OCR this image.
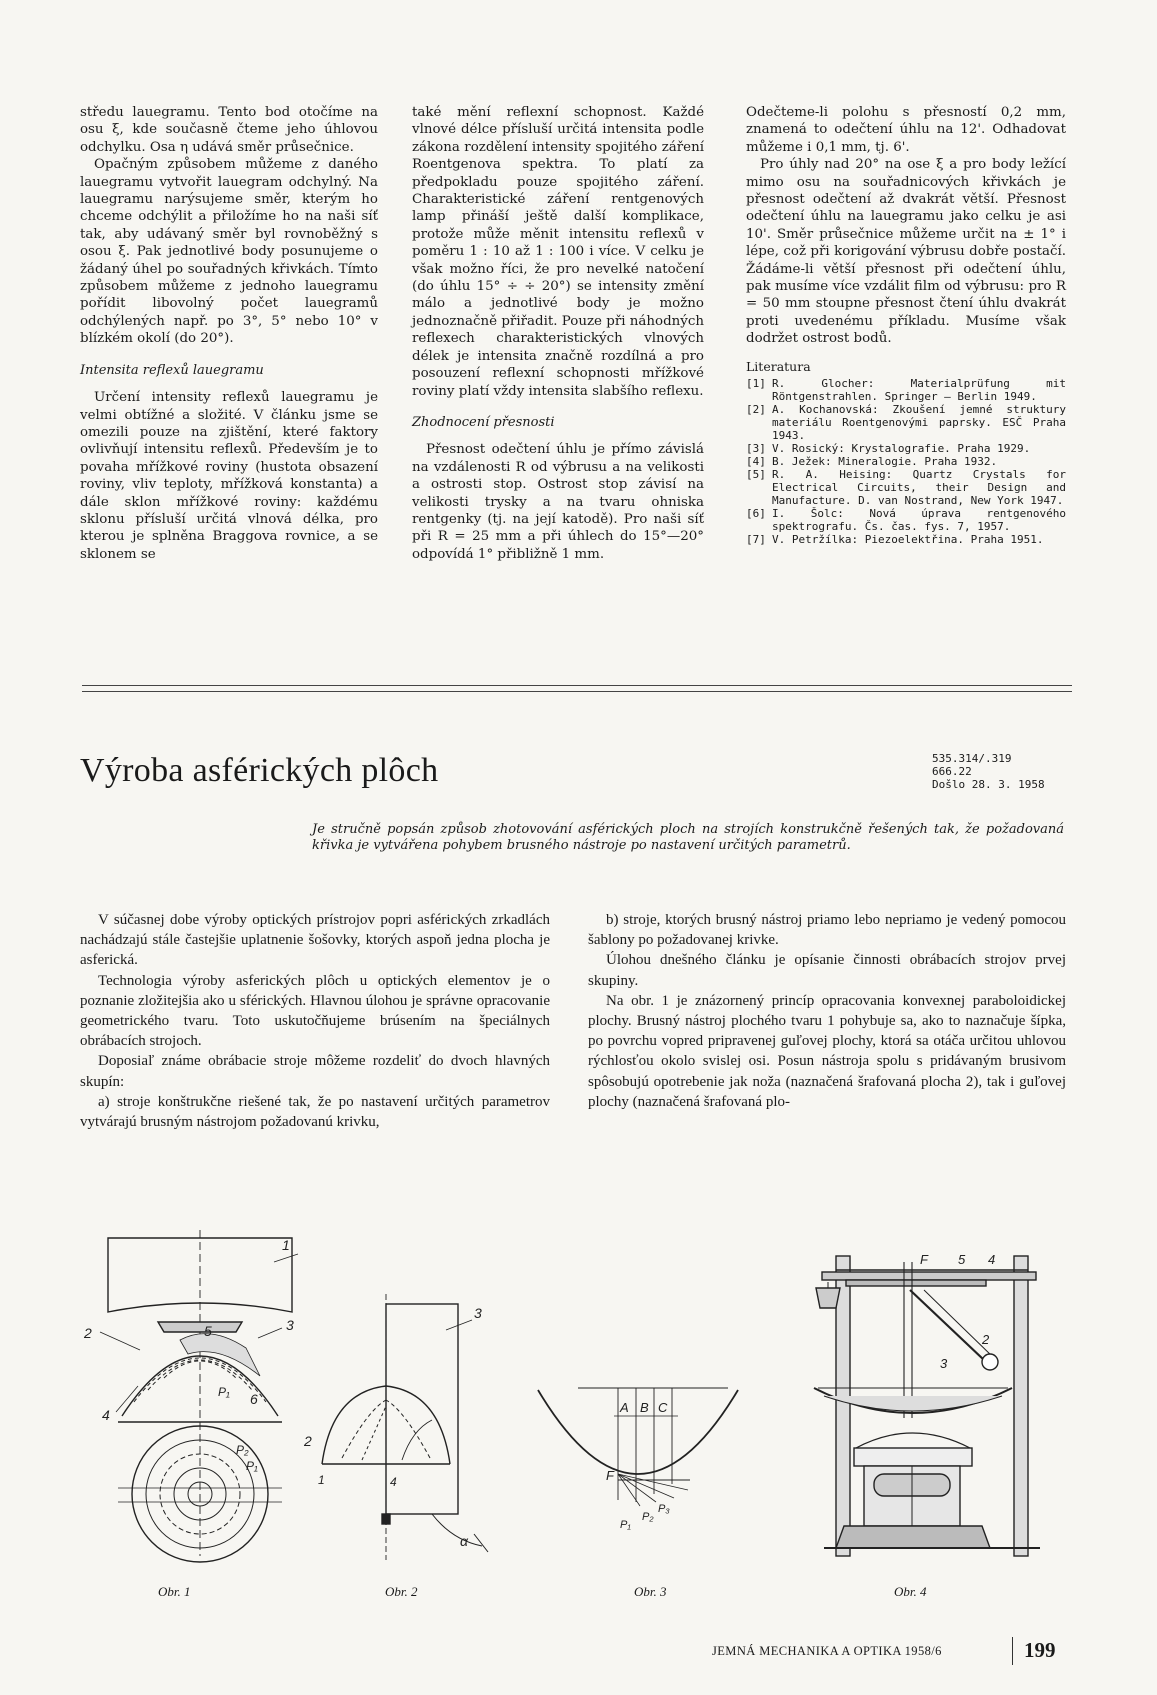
středu lauegramu. Tento bod otočíme na osu ξ, kde současně čteme jeho úhlovou odchylku. Osa η udává směr průsečnice.

Opačným způsobem můžeme z daného lauegramu vytvořit lauegram odchylný. Na lauegramu narýsujeme směr, kterým ho chceme odchýlit a přiložíme ho na naši síť tak, aby udávaný směr byl rovnoběžný s osou ξ. Pak jednotlivé body posunujeme o žádaný úhel po souřadných křivkách. Tímto způsobem můžeme z jednoho lauegramu pořídit libovolný počet lauegramů odchýlených např. po 3°, 5° nebo 10° v blízkém okolí (do 20°).

Intensita reflexů lauegramu

Určení intensity reflexů lauegramu je velmi obtížné a složité. V článku jsme se omezili pouze na zjištění, které faktory ovlivňují intensitu reflexů. Především je to povaha mřížkové roviny (hustota obsazení roviny, vliv teploty, mřížková konstanta) a dále sklon mřížkové roviny: každému sklonu přísluší určitá vlnová délka, pro kterou je splněna Braggova rovnice, a se sklonem se

také mění reflexní schopnost. Každé vlnové délce přísluší určitá intensita podle zákona rozdělení intensity spojitého záření Roentgenova spektra. To platí za předpokladu pouze spojitého záření. Charakteristické záření rentgenových lamp přináší ještě další komplikace, protože může měnit intensitu reflexů v poměru 1 : 10 až 1 : 100 i více. V celku je však možno říci, že pro nevelké natočení (do úhlu 15° ÷ ÷ 20°) se intensity změní málo a jednotlivé body je možno jednoznačně přiřadit. Pouze při náhodných reflexech charakteristických vlnových délek je intensita značně rozdílná a pro posouzení reflexní schopnosti mřížkové roviny platí vždy intensita slabšího reflexu.

Zhodnocení přesnosti

Přesnost odečtení úhlu je přímo závislá na vzdálenosti R od výbrusu a na velikosti a ostrosti stop. Ostrost stop závisí na velikosti trysky a na tvaru ohniska rentgenky (tj. na její katodě). Pro naši síť při R = 25 mm a při úhlech do 15°—20° odpovídá 1° přibližně 1 mm.

Odečteme-li polohu s přesností 0,2 mm, znamená to odečtení úhlu na 12'. Odhadovat můžeme i 0,1 mm, tj. 6'.

Pro úhly nad 20° na ose ξ a pro body ležící mimo osu na souřadnicových křivkách je přesnost odečtení až dvakrát větší. Přesnost odečtení úhlu na lauegramu jako celku je asi 10'. Směr průsečnice můžeme určit na ± 1° i lépe, což při korigování výbrusu dobře postačí. Žádáme-li větší přesnost při odečtení úhlu, pak musíme více vzdálit film od výbrusu: pro R = 50 mm stoupne přesnost čtení úhlu dvakrát proti uvedenému příkladu. Musíme však dodržet ostrost bodů.

Literatura

[1] R. Glocher: Materialprüfung mit Röntgenstrahlen. Springer — Berlin 1949.
[2] A. Kochanovská: Zkoušení jemné struktury materiálu Roentgenovými paprsky. ESČ Praha 1943.
[3] V. Rosický: Krystalografie. Praha 1929.
[4] B. Ježek: Mineralogie. Praha 1932.
[5] R. A. Heising: Quartz Crystals for Electrical Circuits, their Design and Manufacture. D. van Nostrand, New York 1947.
[6] I. Šolc: Nová úprava rentgenového spektrografu. Čs. čas. fys. 7, 1957.
[7] V. Petržílka: Piezoelektřina. Praha 1951.
Výroba asférických plôch	535.314/.319
666.22
Došlo 28. 3. 1958
Je stručně popsán způsob zhotovování asférických ploch na strojích konstrukčně řešených tak, že požadovaná křivka je vytvářena pohybem brusného nástroje po nastavení určitých parametrů.

V súčasnej dobe výroby optických prístrojov popri asférických zrkadlách nachádzajú stále častejšie uplatnenie šošovky, ktorých aspoň jedna plocha je asferická.

Technologia výroby asferických plôch u optických elementov je o poznanie zložitejšia ako u sférických. Hlavnou úlohou je správne opracovanie geometrického tvaru. Toto uskutočňujeme brúsením na špeciálnych obrábacích strojoch.

Doposiaľ známe obrábacie stroje môžeme rozdeliť do dvoch hlavných skupín:

a) stroje konštrukčne riešené tak, že po nastavení určitých parametrov vytvárajú brusným nástrojom požadovanú krivku,

b) stroje, ktorých brusný nástroj priamo lebo nepriamo je vedený pomocou šablony po požadovanej krivke.

Úlohou dnešného článku je opísanie činnosti obrábacích strojov prvej skupiny.

Na obr. 1 je znázornený princíp opracovania konvexnej paraboloidickej plochy. Brusný nástroj plochého tvaru 1 pohybuje sa, ako to naznačuje šípka, po povrchu vopred pripravenej guľovej plochy, ktorá sa otáča určitou uhlovou rýchlosťou okolo svislej osi. Posun nástroja spolu s pridávaným brusivom spôsobujú opotrebenie jak noža (naznačená šrafovaná plocha 2), tak i guľovej plochy (naznačená šrafovaná plo-

1
2	3
4
5
6
P₁
P₂
P₁
3
2
1	4
α
A B C
F
P₁
P₂
P₃
F 5 4
2
3
Obr. 1	Obr. 2	Obr. 3	Obr. 4
JEMNÁ MECHANIKA A OPTIKA 1958/6	199
